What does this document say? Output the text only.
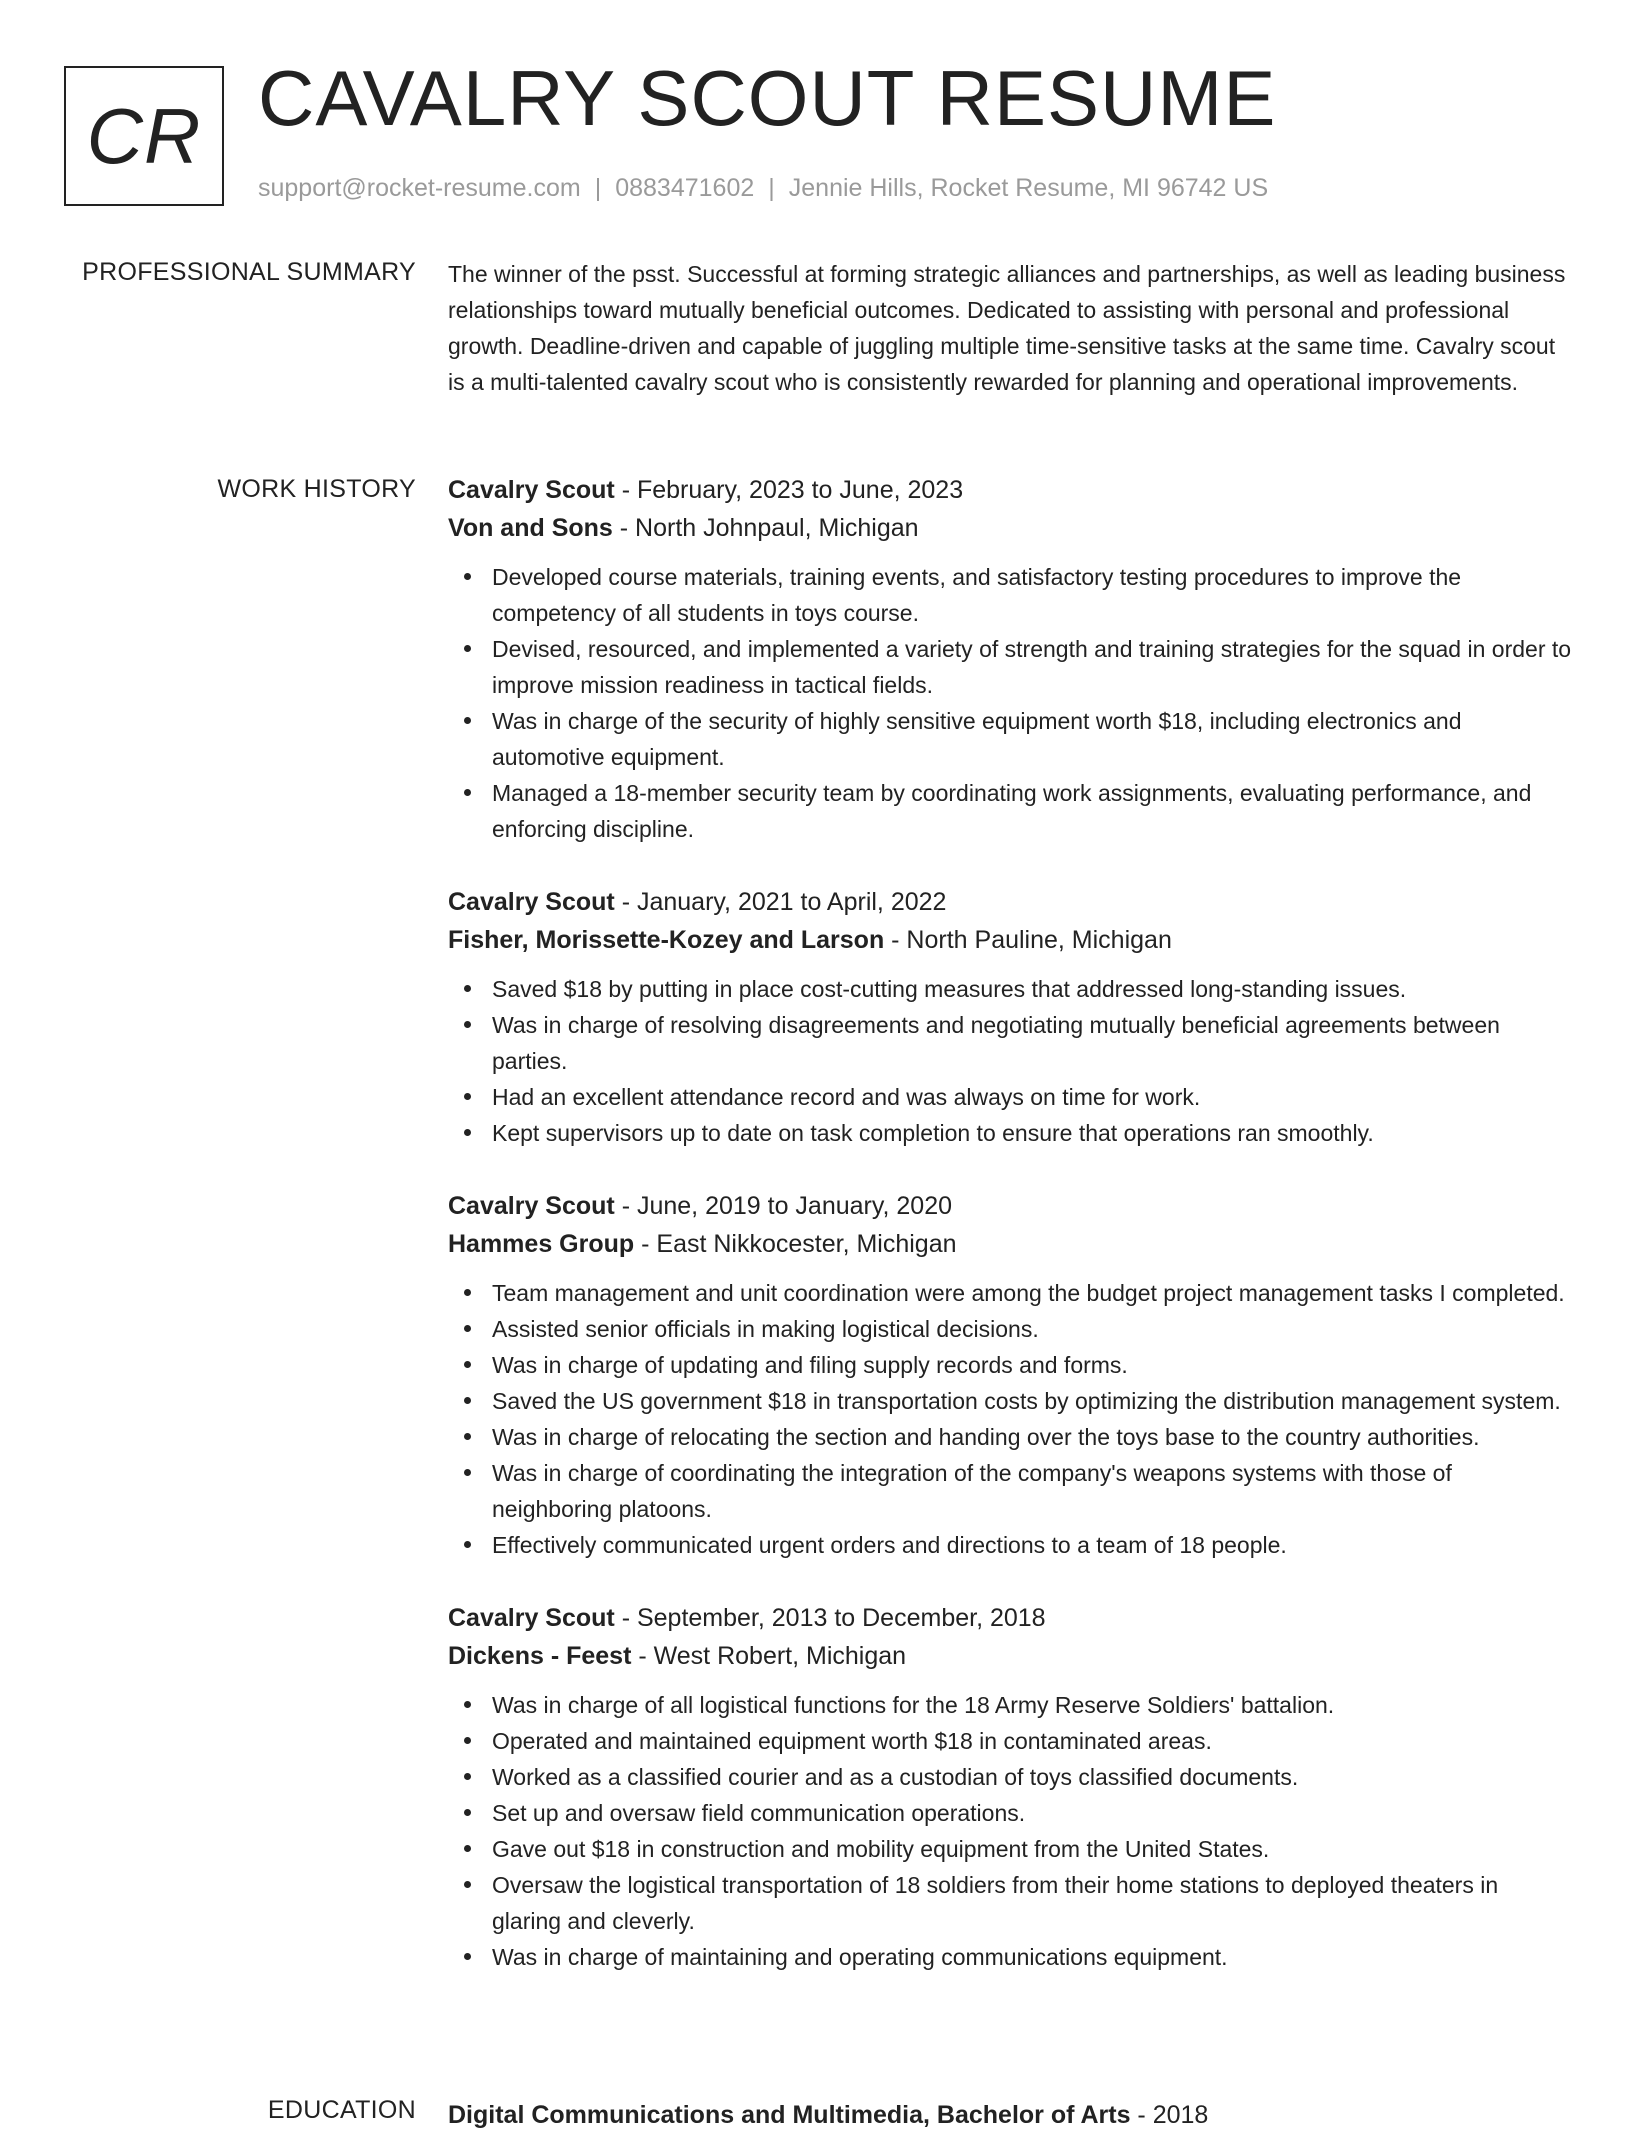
CR CAVALRY SCOUT RESUME
support@rocket-resume.com | 0883471602 | Jennie Hills, Rocket Resume, MI 96742 US
PROFESSIONAL SUMMARY The winner of the psst. Successful at forming strategic alliances and partnerships, as well as leading business relationships toward mutually beneficial outcomes. Dedicated to assisting with personal and professional growth. Deadline-driven and capable of juggling multiple time-sensitive tasks at the same time. Cavalry scout is a multi-talented cavalry scout who is consistently rewarded for planning and operational improvements.

WORK HISTORY Cavalry Scout - February, 2023 to June, 2023
Von and Sons - North Johnpaul, Michigan
Developed course materials, training events, and satisfactory testing procedures to improve the competency of all students in toys course.
Devised, resourced, and implemented a variety of strength and training strategies for the squad in order to improve mission readiness in tactical fields.
Was in charge of the security of highly sensitive equipment worth $18, including electronics and automotive equipment.
Managed a 18-member security team by coordinating work assignments, evaluating performance, and enforcing discipline.
Cavalry Scout - January, 2021 to April, 2022
Fisher, Morissette-Kozey and Larson - North Pauline, Michigan
Saved $18 by putting in place cost-cutting measures that addressed long-standing issues.
Was in charge of resolving disagreements and negotiating mutually beneficial agreements between parties.
Had an excellent attendance record and was always on time for work.
Kept supervisors up to date on task completion to ensure that operations ran smoothly.
Cavalry Scout - June, 2019 to January, 2020
Hammes Group - East Nikkocester, Michigan
Team management and unit coordination were among the budget project management tasks I completed.
Assisted senior officials in making logistical decisions.
Was in charge of updating and filing supply records and forms.
Saved the US government $18 in transportation costs by optimizing the distribution management system.
Was in charge of relocating the section and handing over the toys base to the country authorities.
Was in charge of coordinating the integration of the company's weapons systems with those of neighboring platoons.
Effectively communicated urgent orders and directions to a team of 18 people.
Cavalry Scout - September, 2013 to December, 2018
Dickens - Feest - West Robert, Michigan
Was in charge of all logistical functions for the 18 Army Reserve Soldiers' battalion.
Operated and maintained equipment worth $18 in contaminated areas.
Worked as a classified courier and as a custodian of toys classified documents.
Set up and oversaw field communication operations.
Gave out $18 in construction and mobility equipment from the United States.
Oversaw the logistical transportation of 18 soldiers from their home stations to deployed theaters in glaring and cleverly.
Was in charge of maintaining and operating communications equipment.
EDUCATION Digital Communications and Multimedia, Bachelor of Arts - 2018
